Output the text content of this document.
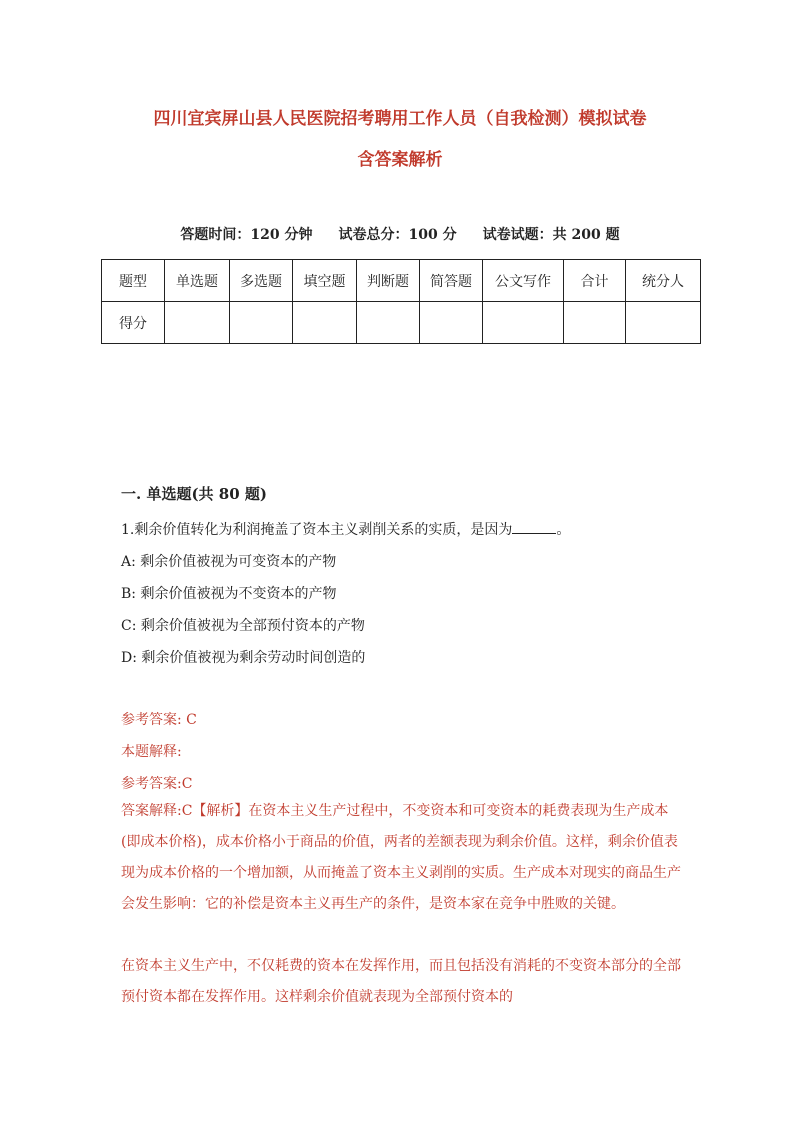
四川宜宾屏山县人民医院招考聘用工作人员（自我检测）模拟试卷
含答案解析
答题时间：120 分钟 试卷总分：100 分 试卷试题：共 200 题
题型	单选题	多选题	填空题	判断题	简答题	公文写作	合计	统分人
得分								
一. 单选题(共 80 题)
1.剩余价值转化为利润掩盖了资本主义剥削关系的实质，是因为	。
A: 剩余价值被视为可变资本的产物
B: 剩余价值被视为不变资本的产物
C: 剩余价值被视为全部预付资本的产物
D: 剩余价值被视为剩余劳动时间创造的
参考答案: C
本题解释:
参考答案:C

答案解释:C【解析】在资本主义生产过程中，不变资本和可变资本的耗费表现为生产成本(即成本价格)，成本价格小于商品的价值，两者的差额表现为剩余价值。这样，剩余价值表现为成本价格的一个增加额，从而掩盖了资本主义剥削的实质。生产成本对现实的商品生产会发生影响：它的补偿是资本主义再生产的条件，是资本家在竞争中胜败的关键。

在资本主义生产中，不仅耗费的资本在发挥作用，而且包括没有消耗的不变资本部分的全部预付资本都在发挥作用。这样剩余价值就表现为全部预付资本的
